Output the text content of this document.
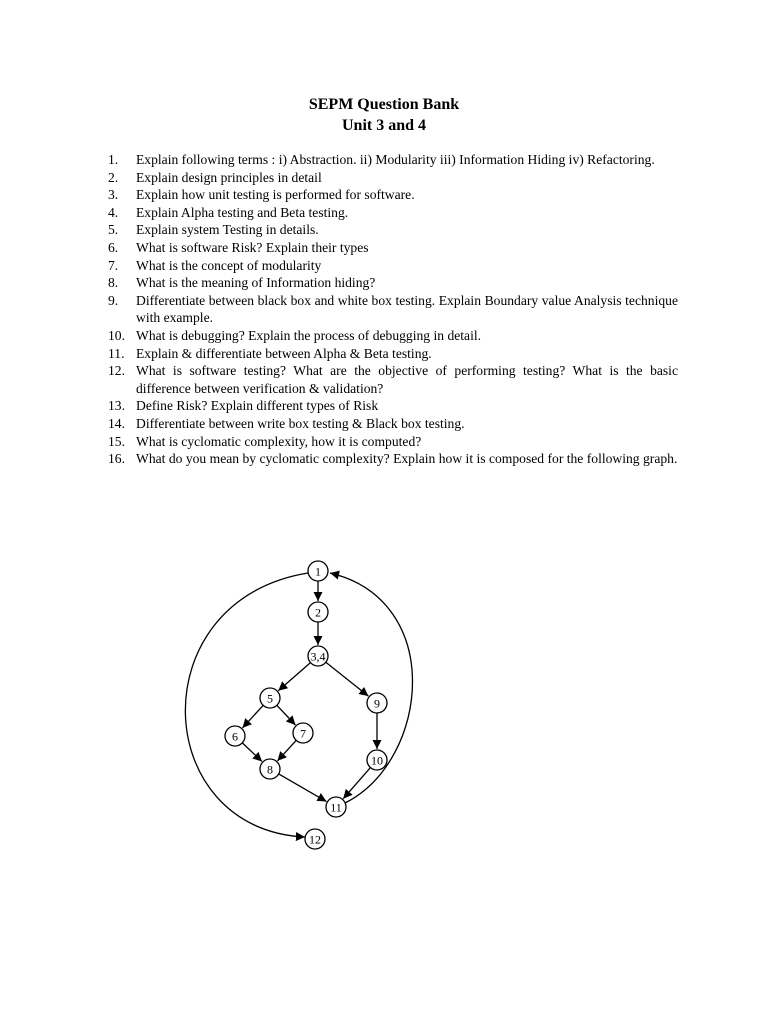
SEPM Question Bank
Unit 3 and 4
1. Explain following terms : i) Abstraction. ii) Modularity iii) Information Hiding iv) Refactoring.
2. Explain design principles in detail
3. Explain how unit testing is performed for software.
4. Explain Alpha testing and Beta testing.
5. Explain system Testing in details.
6. What is software Risk? Explain their types
7. What is the concept of modularity
8. What is the meaning of Information hiding?
9. Differentiate between black box and white box testing. Explain Boundary value Analysis technique with example.
10. What is debugging? Explain the process of debugging in detail.
11. Explain & differentiate between Alpha & Beta testing.
12. What is software testing? What are the objective of performing testing? What is the basic difference between verification & validation?
13. Define Risk? Explain different types of Risk
14. Differentiate between write box testing & Black box testing.
15. What is cyclomatic complexity, how it is computed?
16. What do you mean by cyclomatic complexity? Explain how it is composed for the following graph.
1
2
3,4
5
6	7
8
9
10
11
12
